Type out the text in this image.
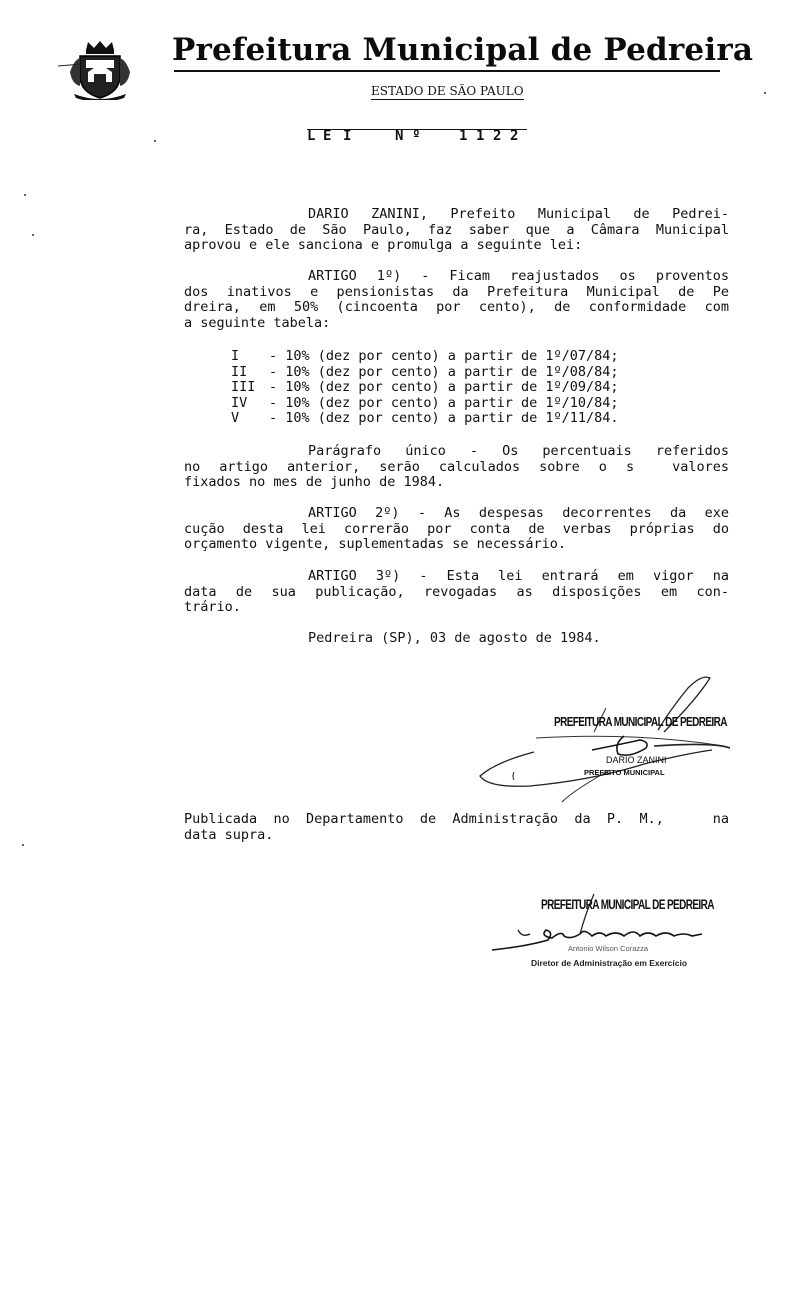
Prefeitura Municipal de Pedreira
ESTADO DE SÃO PAULO
L E I	N º	1 1 2 2
DARIO ZANINI, Prefeito Municipal de Pedrei-
ra, Estado de São Paulo, faz saber que a Câmara Municipal
aprovou e ele sanciona e promulga a seguinte lei:
ARTIGO 1º) - Ficam reajustados os proventos
dos inativos e pensionistas da Prefeitura Municipal de Pe
dreira, em 50% (cincoenta por cento), de conformidade com
a seguinte tabela:
I - 10% (dez por cento) a partir de 1º/07/84;
II - 10% (dez por cento) a partir de 1º/08/84;
III - 10% (dez por cento) a partir de 1º/09/84;
IV - 10% (dez por cento) a partir de 1º/10/84;
V - 10% (dez por cento) a partir de 1º/11/84.
Parágrafo único - Os percentuais referidos
no artigo anterior, serão calculados sobre o s  valores
fixados no mes de junho de 1984.
ARTIGO 2º) - As despesas decorrentes da exe
cução desta lei correrão por conta de verbas próprias do
orçamento vigente, suplementadas se necessário.
ARTIGO 3º) - Esta lei entrará em vigor na
data de sua publicação, revogadas as disposições em con-
trário.
Pedreira (SP), 03 de agosto de 1984.
PREFEITURA MUNICIPAL DE PEDREIRA
DARIO ZANINI
PREFEITO MUNICIPAL
Publicada no Departamento de Administração da P. M.,   na
data supra.
PREFEITURA MUNICIPAL DE PEDREIRA
Antonio Wilson Corazza
Diretor de Administração em Exercício
